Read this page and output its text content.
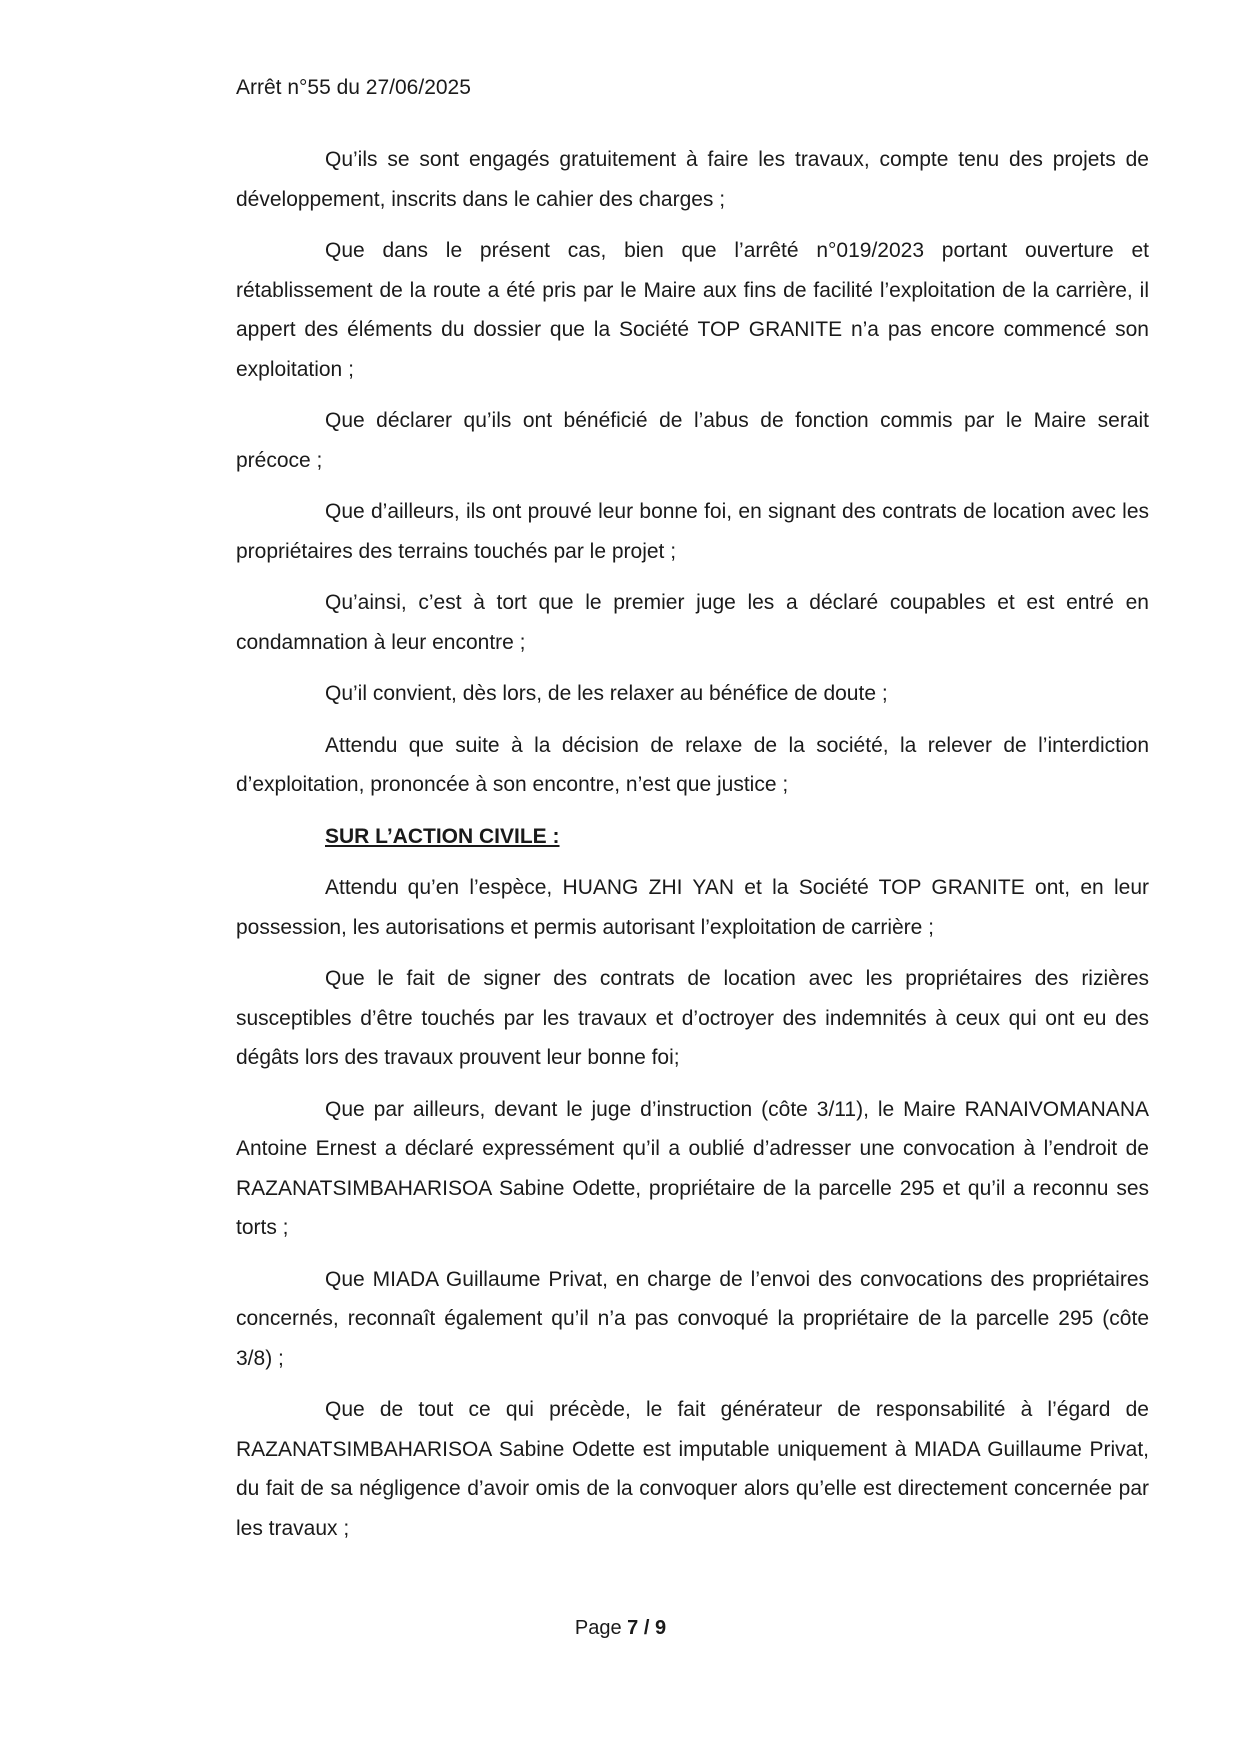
Arrêt n°55 du 27/06/2025

Qu’ils se sont engagés gratuitement à faire les travaux, compte tenu des projets de développement, inscrits dans le cahier des charges ;

Que dans le présent cas, bien que l’arrêté n°019/2023 portant ouverture et rétablissement de la route a été pris par le Maire aux fins de facilité l’exploitation de la carrière, il appert des éléments du dossier que la Société TOP GRANITE n’a pas encore commencé son exploitation ;

Que déclarer qu’ils ont bénéficié de l’abus de fonction commis par le Maire serait précoce ;

Que d’ailleurs, ils ont prouvé leur bonne foi, en signant des contrats de location avec les propriétaires des terrains touchés par le projet ;

Qu’ainsi, c’est à tort que le premier juge les a déclaré coupables et est entré en condamnation à leur encontre ;

Qu’il convient, dès lors, de les relaxer au bénéfice de doute ;

Attendu que suite à la décision de relaxe de la société, la relever de l’interdiction d’exploitation, prononcée à son encontre, n’est que justice ;

SUR L’ACTION CIVILE :

Attendu qu’en l’espèce, HUANG ZHI YAN et la Société TOP GRANITE ont, en leur possession, les autorisations et permis autorisant l’exploitation de carrière ;

Que le fait de signer des contrats de location avec les propriétaires des rizières susceptibles d’être touchés par les travaux et d’octroyer des indemnités à ceux qui ont eu des dégâts lors des travaux prouvent leur bonne foi;

Que par ailleurs, devant le juge d’instruction (côte 3/11), le Maire RANAIVOMANANA Antoine Ernest a déclaré expressément qu’il a oublié d’adresser une convocation à l’endroit de RAZANATSIMBAHARISOA Sabine Odette, propriétaire de la parcelle 295 et qu’il a reconnu ses torts ;

Que MIADA Guillaume Privat, en charge de l’envoi des convocations des propriétaires concernés, reconnaît également qu’il n’a pas convoqué la propriétaire de la parcelle 295 (côte 3/8) ;

Que de tout ce qui précède, le fait générateur de responsabilité à l’égard de RAZANATSIMBAHARISOA Sabine Odette est imputable uniquement à MIADA Guillaume Privat, du fait de sa négligence d’avoir omis de la convoquer alors qu’elle est directement concernée par les travaux ;

Page 7 / 9
